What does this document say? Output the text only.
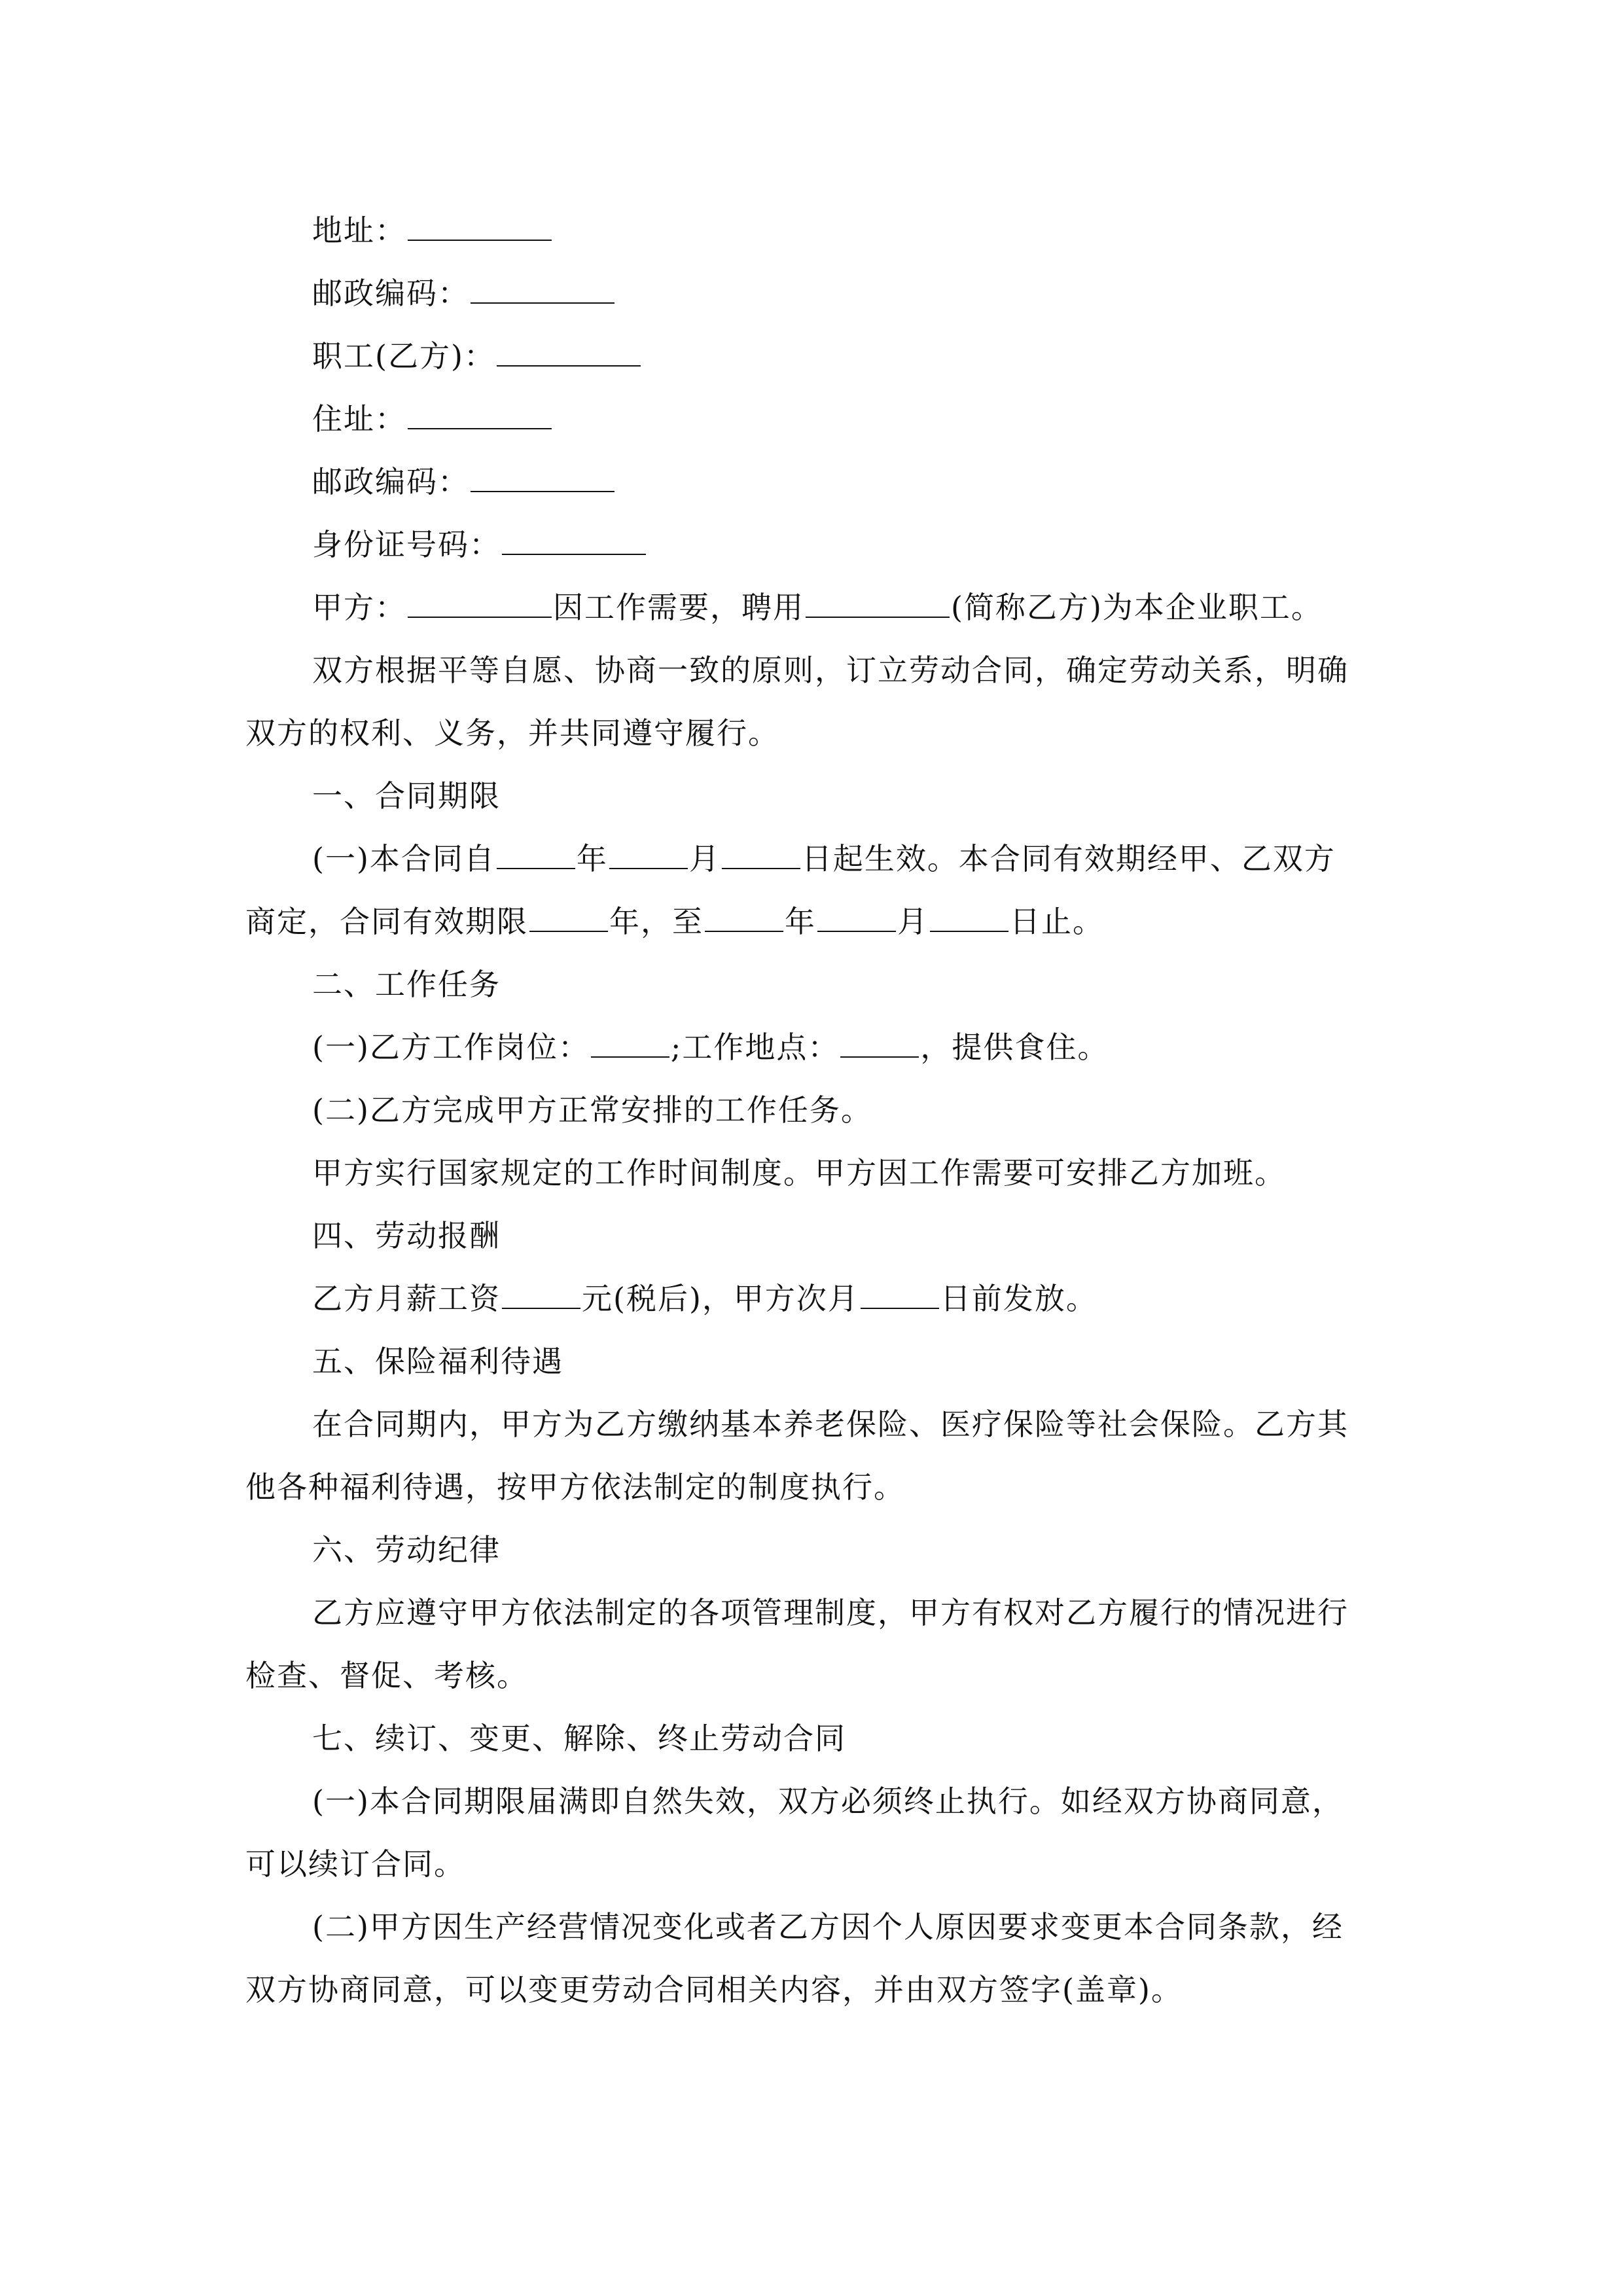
地址：
邮政编码：
职工(乙方)：
住址：
邮政编码：
身份证号码：
甲方：	因工作需要，聘用	(简称乙方)为本企业职工。
双方根据平等自愿、协商一致的原则，订立劳动合同，确定劳动关系，明确
双方的权利、义务，并共同遵守履行。
一、合同期限
(一)本合同自	年	月	日起生效。本合同有效期经甲、乙双方
商定，合同有效期限	年，至	年	月	日止。
二、工作任务
(一)乙方工作岗位：	;工作地点：	，提供食住。
(二)乙方完成甲方正常安排的工作任务。
甲方实行国家规定的工作时间制度。甲方因工作需要可安排乙方加班。
四、劳动报酬
乙方月薪工资	元(税后)，甲方次月	日前发放。
五、保险福利待遇
在合同期内，甲方为乙方缴纳基本养老保险、医疗保险等社会保险。乙方其
他各种福利待遇，按甲方依法制定的制度执行。
六、劳动纪律
乙方应遵守甲方依法制定的各项管理制度，甲方有权对乙方履行的情况进行
检查、督促、考核。
七、续订、变更、解除、终止劳动合同
(一)本合同期限届满即自然失效，双方必须终止执行。如经双方协商同意，
可以续订合同。
(二)甲方因生产经营情况变化或者乙方因个人原因要求变更本合同条款，经
双方协商同意，可以变更劳动合同相关内容，并由双方签字(盖章)。
